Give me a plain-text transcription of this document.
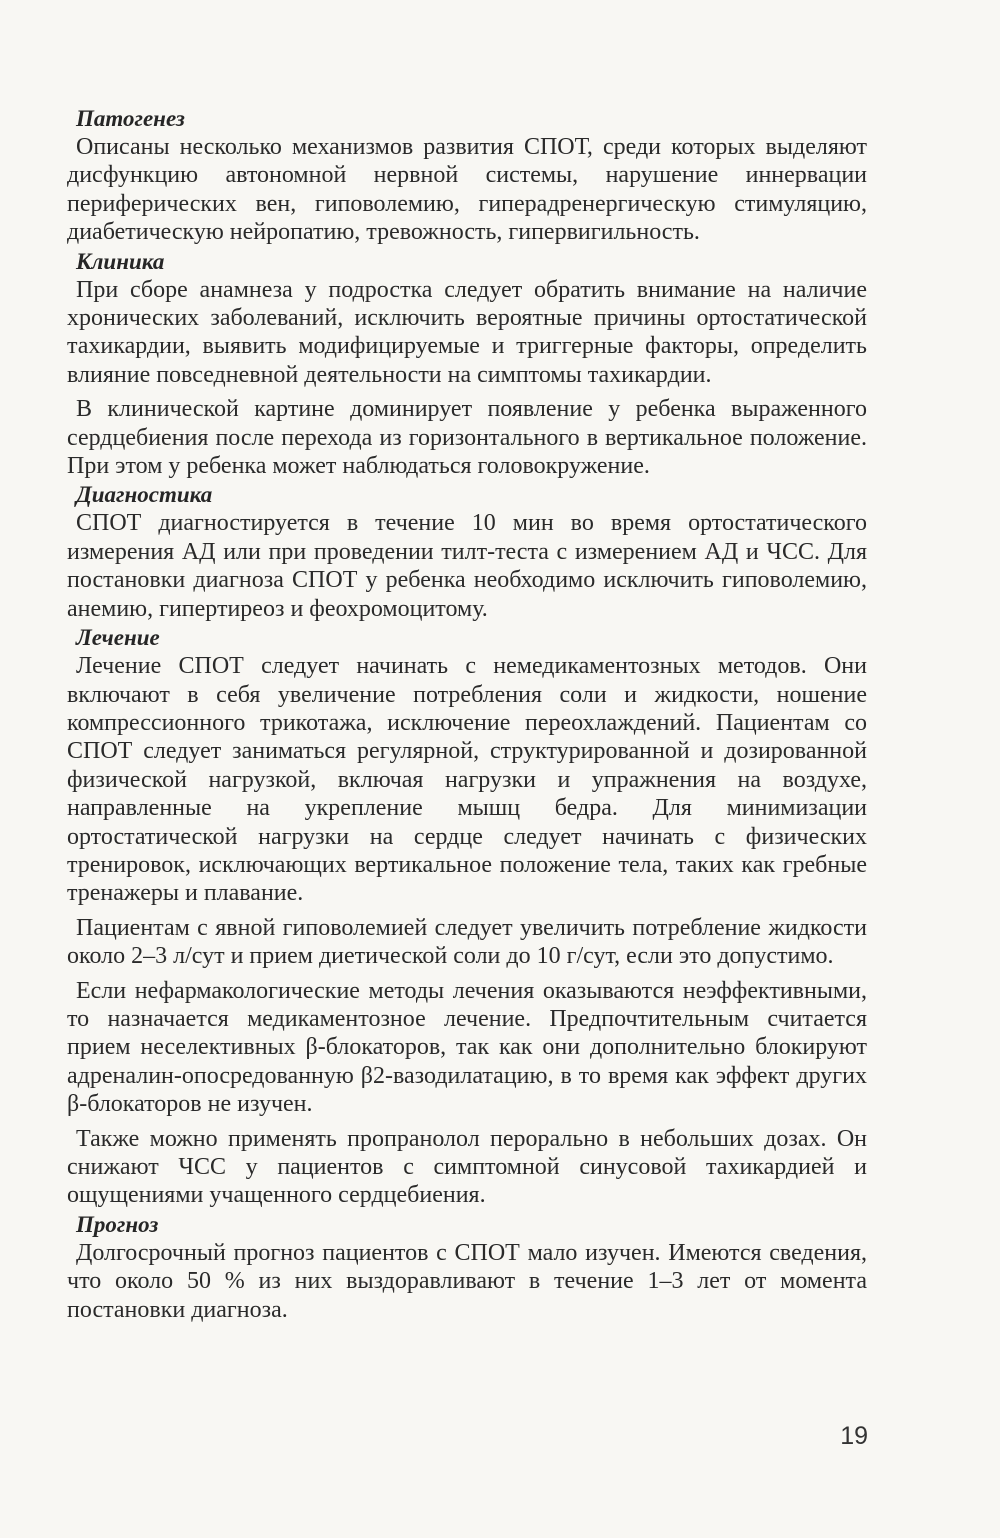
Патогенез

Описаны несколько механизмов развития СПОТ, среди которых выделяют дисфункцию автономной нервной системы, нарушение иннервации периферических вен, гиповолемию, гиперадренергическую стимуляцию, диабетическую нейропатию, тревожность, гипервигильность.

Клиника

При сборе анамнеза у подростка следует обратить внимание на наличие хронических заболеваний, исключить вероятные причины ортостатической тахикардии, выявить модифицируемые и триггерные факторы, определить влияние повседневной деятельности на симптомы тахикардии.

В клинической картине доминирует появление у ребенка выраженного сердцебиения после перехода из горизонтального в вертикальное положение. При этом у ребенка может наблюдаться головокружение.

Диагностика

СПОТ диагностируется в течение 10 мин во время ортостатического измерения АД или при проведении тилт-теста с измерением АД и ЧСС. Для постановки диагноза СПОТ у ребенка необходимо исключить гиповолемию, анемию, гипертиреоз и феохромоцитому.

Лечение

Лечение СПОТ следует начинать с немедикаментозных методов. Они включают в себя увеличение потребления соли и жидкости, ношение компрессионного трикотажа, исключение переохлаждений. Пациентам со СПОТ следует заниматься регулярной, структурированной и дозированной физической нагрузкой, включая нагрузки и упражнения на воздухе, направленные на укрепление мышц бедра. Для минимизации ортостатической нагрузки на сердце следует начинать с физических тренировок, исключающих вертикальное положение тела, таких как гребные тренажеры и плавание.

Пациентам с явной гиповолемией следует увеличить потребление жидкости около 2–3 л/сут и прием диетической соли до 10 г/сут, если это допустимо.

Если нефармакологические методы лечения оказываются неэффективными, то назначается медикаментозное лечение. Предпочтительным считается прием неселективных β-блокаторов, так как они дополнительно блокируют адреналин-опосредованную β2-вазодилатацию, в то время как эффект других β-блокаторов не изучен.

Также можно применять пропранолол перорально в небольших дозах. Он снижают ЧСС у пациентов с симптомной синусовой тахикардией и ощущениями учащенного сердцебиения.

Прогноз

Долгосрочный прогноз пациентов с СПОТ мало изучен. Имеются сведения, что около 50 % из них выздоравливают в течение 1–3 лет от момента постановки диагноза.

19
